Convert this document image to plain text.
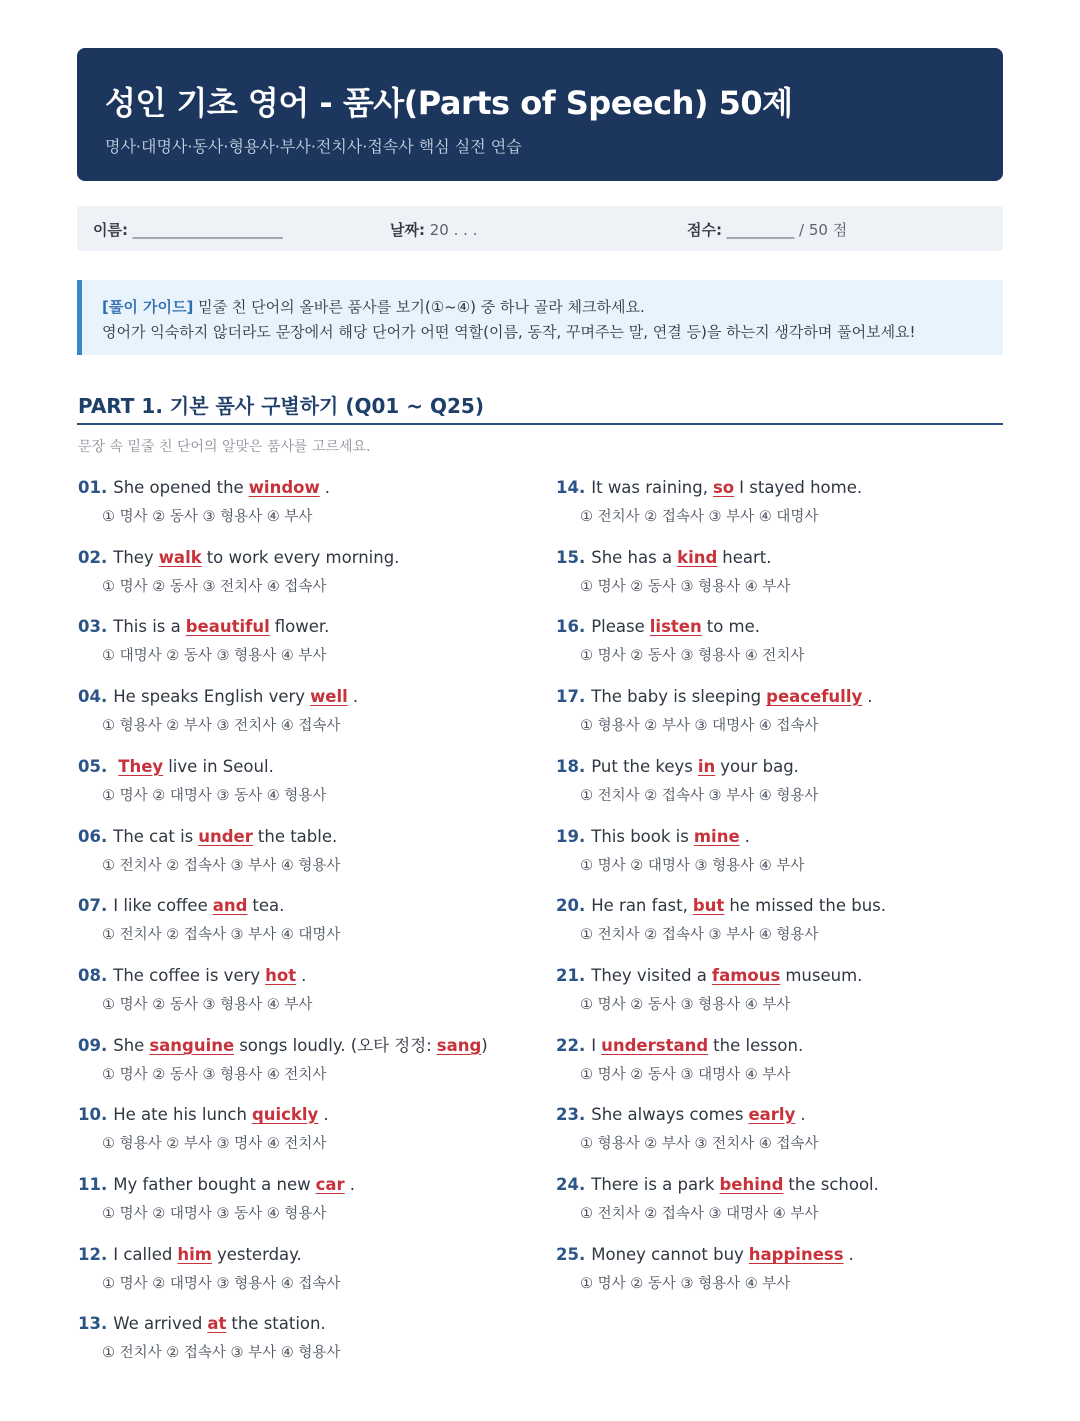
성인 기초 영어 - 품사(Parts of Speech) 50제
명사·대명사·동사·형용사·부사·전치사·접속사 핵심 실전 연습
이름: ____________________	날짜: 20 . . .	점수: _________ / 50 점
[풀이 가이드] 밑줄 친 단어의 올바른 품사를 보기(①~④) 중 하나 골라 체크하세요.
영어가 익숙하지 않더라도 문장에서 해당 단어가 어떤 역할(이름, 동작, 꾸며주는 말, 연결 등)을 하는지 생각하며 풀어보세요!
PART 1. 기본 품사 구별하기 (Q01 ~ Q25)
문장 속 밑줄 친 단어의 알맞은 품사를 고르세요.
01. She opened the window .
① 명사 ② 동사 ③ 형용사 ④ 부사
02. They walk to work every morning.
① 명사 ② 동사 ③ 전치사 ④ 접속사
03. This is a beautiful flower.
① 대명사 ② 동사 ③ 형용사 ④ 부사
04. He speaks English very well .
① 형용사 ② 부사 ③ 전치사 ④ 접속사
05. They live in Seoul.
① 명사 ② 대명사 ③ 동사 ④ 형용사
06. The cat is under the table.
① 전치사 ② 접속사 ③ 부사 ④ 형용사
07. I like coffee and tea.
① 전치사 ② 접속사 ③ 부사 ④ 대명사
08. The coffee is very hot .
① 명사 ② 동사 ③ 형용사 ④ 부사
09. She sanguine songs loudly. (오타 정정: sang)
① 명사 ② 동사 ③ 형용사 ④ 전치사
10. He ate his lunch quickly .
① 형용사 ② 부사 ③ 명사 ④ 전치사
11. My father bought a new car .
① 명사 ② 대명사 ③ 동사 ④ 형용사
12. I called him yesterday.
① 명사 ② 대명사 ③ 형용사 ④ 접속사
13. We arrived at the station.
① 전치사 ② 접속사 ③ 부사 ④ 형용사
14. It was raining, so I stayed home.
① 전치사 ② 접속사 ③ 부사 ④ 대명사
15. She has a kind heart.
① 명사 ② 동사 ③ 형용사 ④ 부사
16. Please listen to me.
① 명사 ② 동사 ③ 형용사 ④ 전치사
17. The baby is sleeping peacefully .
① 형용사 ② 부사 ③ 대명사 ④ 접속사
18. Put the keys in your bag.
① 전치사 ② 접속사 ③ 부사 ④ 형용사
19. This book is mine .
① 명사 ② 대명사 ③ 형용사 ④ 부사
20. He ran fast, but he missed the bus.
① 전치사 ② 접속사 ③ 부사 ④ 형용사
21. They visited a famous museum.
① 명사 ② 동사 ③ 형용사 ④ 부사
22. I understand the lesson.
① 명사 ② 동사 ③ 대명사 ④ 부사
23. She always comes early .
① 형용사 ② 부사 ③ 전치사 ④ 접속사
24. There is a park behind the school.
① 전치사 ② 접속사 ③ 대명사 ④ 부사
25. Money cannot buy happiness .
① 명사 ② 동사 ③ 형용사 ④ 부사
